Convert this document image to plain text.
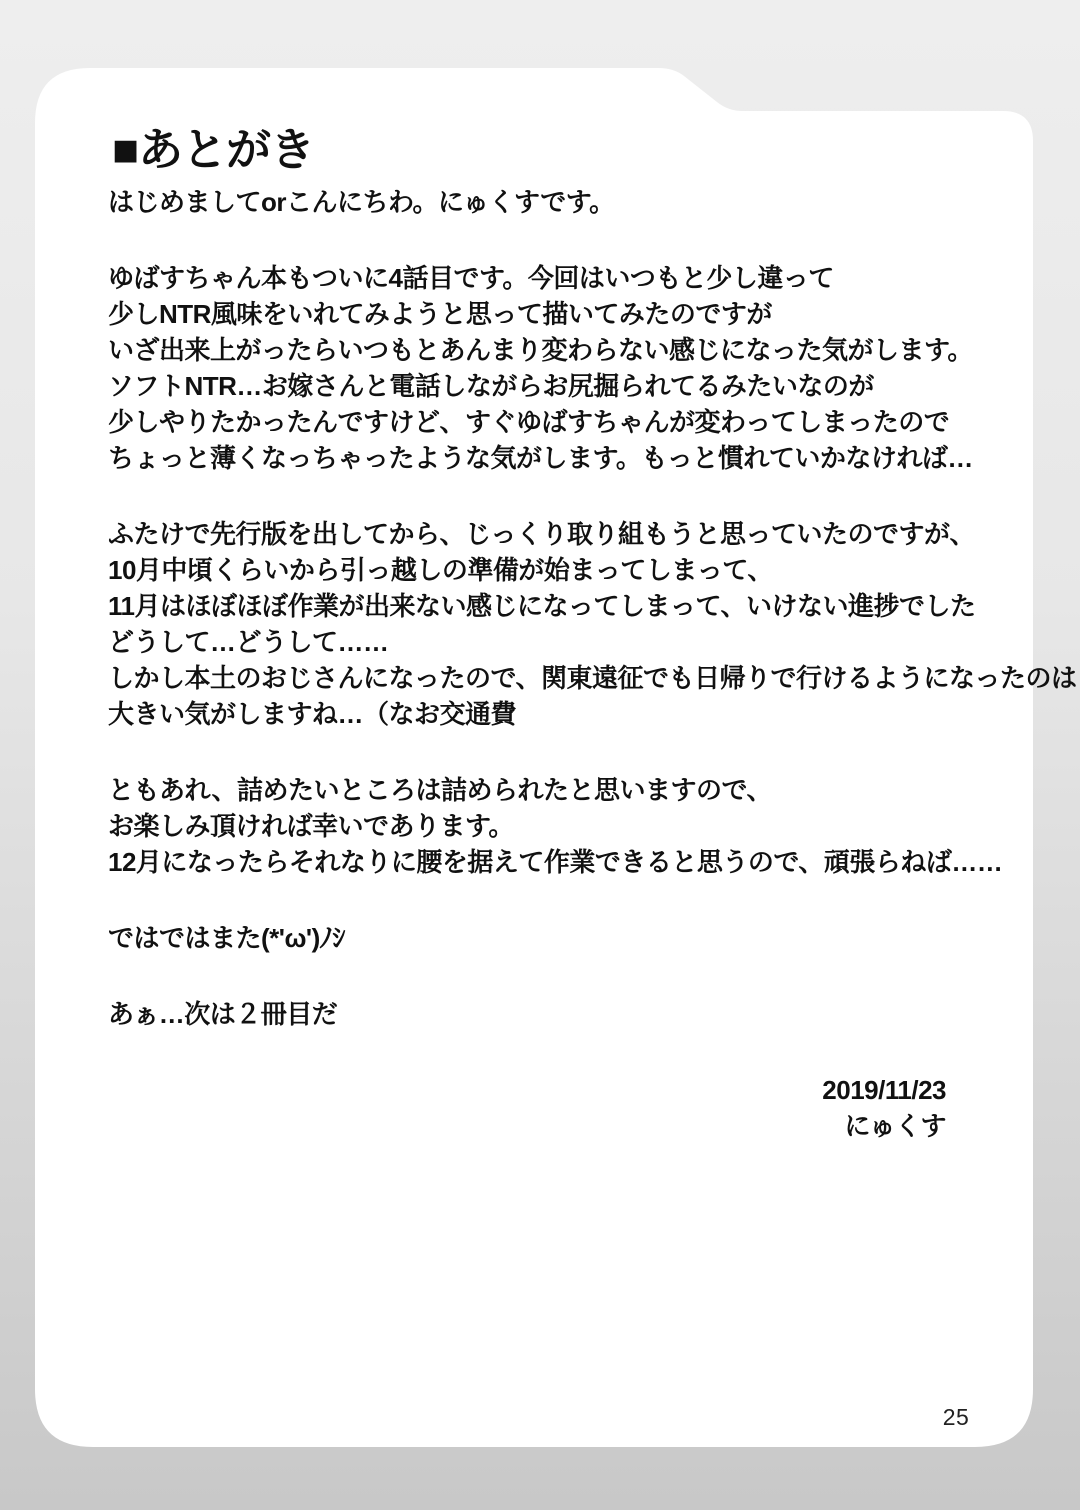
■あとがき
はじめましてorこんにちわ。にゅくすです。
ゆばすちゃん本もついに4話目です。今回はいつもと少し違って
少しNTR風味をいれてみようと思って描いてみたのですが
いざ出来上がったらいつもとあんまり変わらない感じになった気がします。
ソフトNTR…お嫁さんと電話しながらお尻掘られてるみたいなのが
少しやりたかったんですけど、すぐゆばすちゃんが変わってしまったので
ちょっと薄くなっちゃったような気がします。もっと慣れていかなければ…
ふたけで先行版を出してから、じっくり取り組もうと思っていたのですが、
10月中頃くらいから引っ越しの準備が始まってしまって、
11月はほぼほぼ作業が出来ない感じになってしまって、いけない進捗でした
どうして…どうして……
しかし本土のおじさんになったので、関東遠征でも日帰りで行けるようになったのは
大きい気がしますね…（なお交通費
ともあれ、詰めたいところは詰められたと思いますので、
お楽しみ頂ければ幸いであります。
12月になったらそれなりに腰を据えて作業できると思うので、頑張らねば……
ではではまた(*'ω')ﾉｼ
あぁ…次は２冊目だ
2019/11/23
にゅくす
25
